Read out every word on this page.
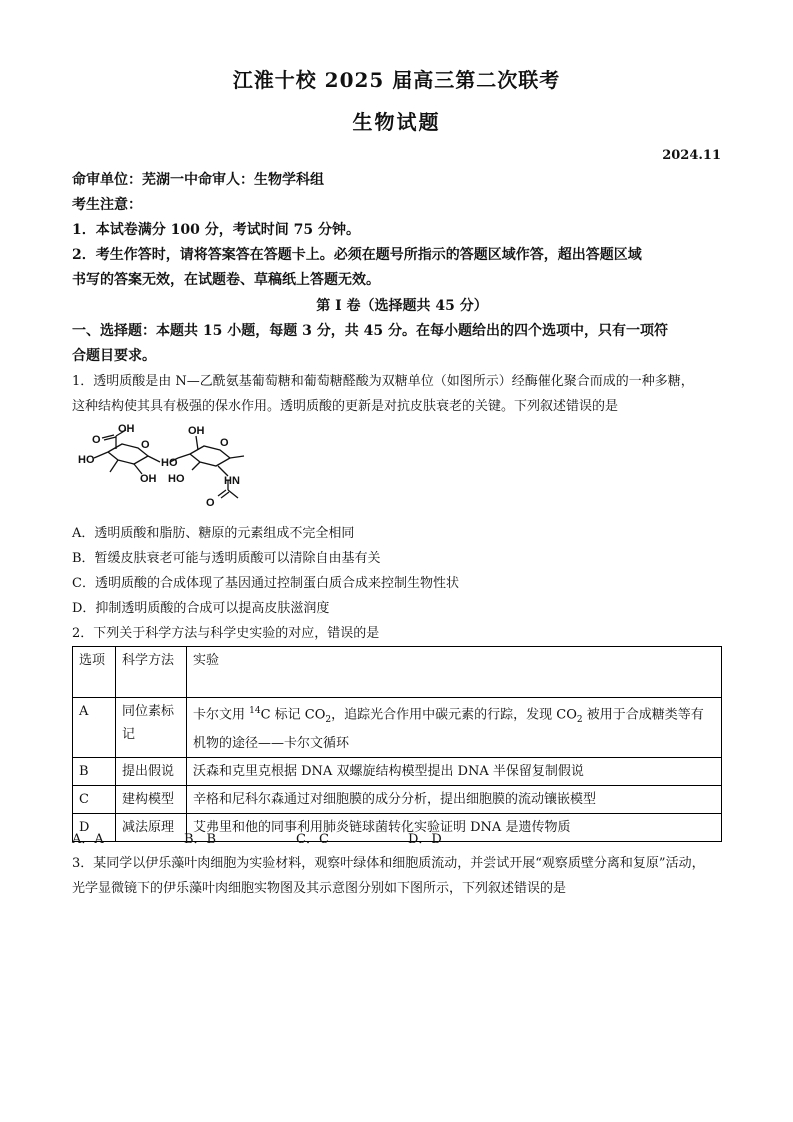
江淮十校 2025 届高三第二次联考
生物试题
2024.11
命审单位：芜湖一中命审人：生物学科组
考生注意：
1．本试卷满分 100 分，考试时间 75 分钟。
2．考生作答时，请将答案答在答题卡上。必须在题号所指示的答题区域作答，超出答题区域
书写的答案无效，在试题卷、草稿纸上答题无效。
第 I 卷（选择题共 45 分）
一、选择题：本题共 15 小题，每题 3 分，共 45 分。在每小题给出的四个选项中，只有一项符
合题目要求。
1．透明质酸是由 N—乙酰氨基葡萄糖和葡萄糖醛酸为双糖单位（如图所示）经酶催化聚合而成的一种多糖，
这种结构使其具有极强的保水作用。透明质酸的更新是对抗皮肤衰老的关键。下列叙述错误的是
OH
O	O
HO	HO
OH HO
OH
O
HN
O
A．透明质酸和脂肪、糖原的元素组成不完全相同
B．暂缓皮肤衰老可能与透明质酸可以清除自由基有关
C．透明质酸的合成体现了基因通过控制蛋白质合成来控制生物性状
D．抑制透明质酸的合成可以提高皮肤滋润度
2．下列关于科学方法与科学史实验的对应，错误的是
选项	科学方法	实验
A	同位素标记	卡尔文用 $^{14}$C 标记 $CO_2$，追踪光合作用中碳元素的行踪，发现 $CO_2$ 被用于合成糖类等有机物的途径——卡尔文循环
B	提出假说	沃森和克里克根据 DNA 双螺旋结构模型提出 DNA 半保留复制假说
C	建构模型	辛格和尼科尔森通过对细胞膜的成分分析，提出细胞膜的流动镶嵌模型
D	减法原理	艾弗里和他的同事利用肺炎链球菌转化实验证明 DNA 是遗传物质
A．A	B．B	C．C	D．D
3．某同学以伊乐藻叶肉细胞为实验材料，观察叶绿体和细胞质流动，并尝试开展“观察质壁分离和复原”活动，
光学显微镜下的伊乐藻叶肉细胞实物图及其示意图分别如下图所示，下列叙述错误的是
